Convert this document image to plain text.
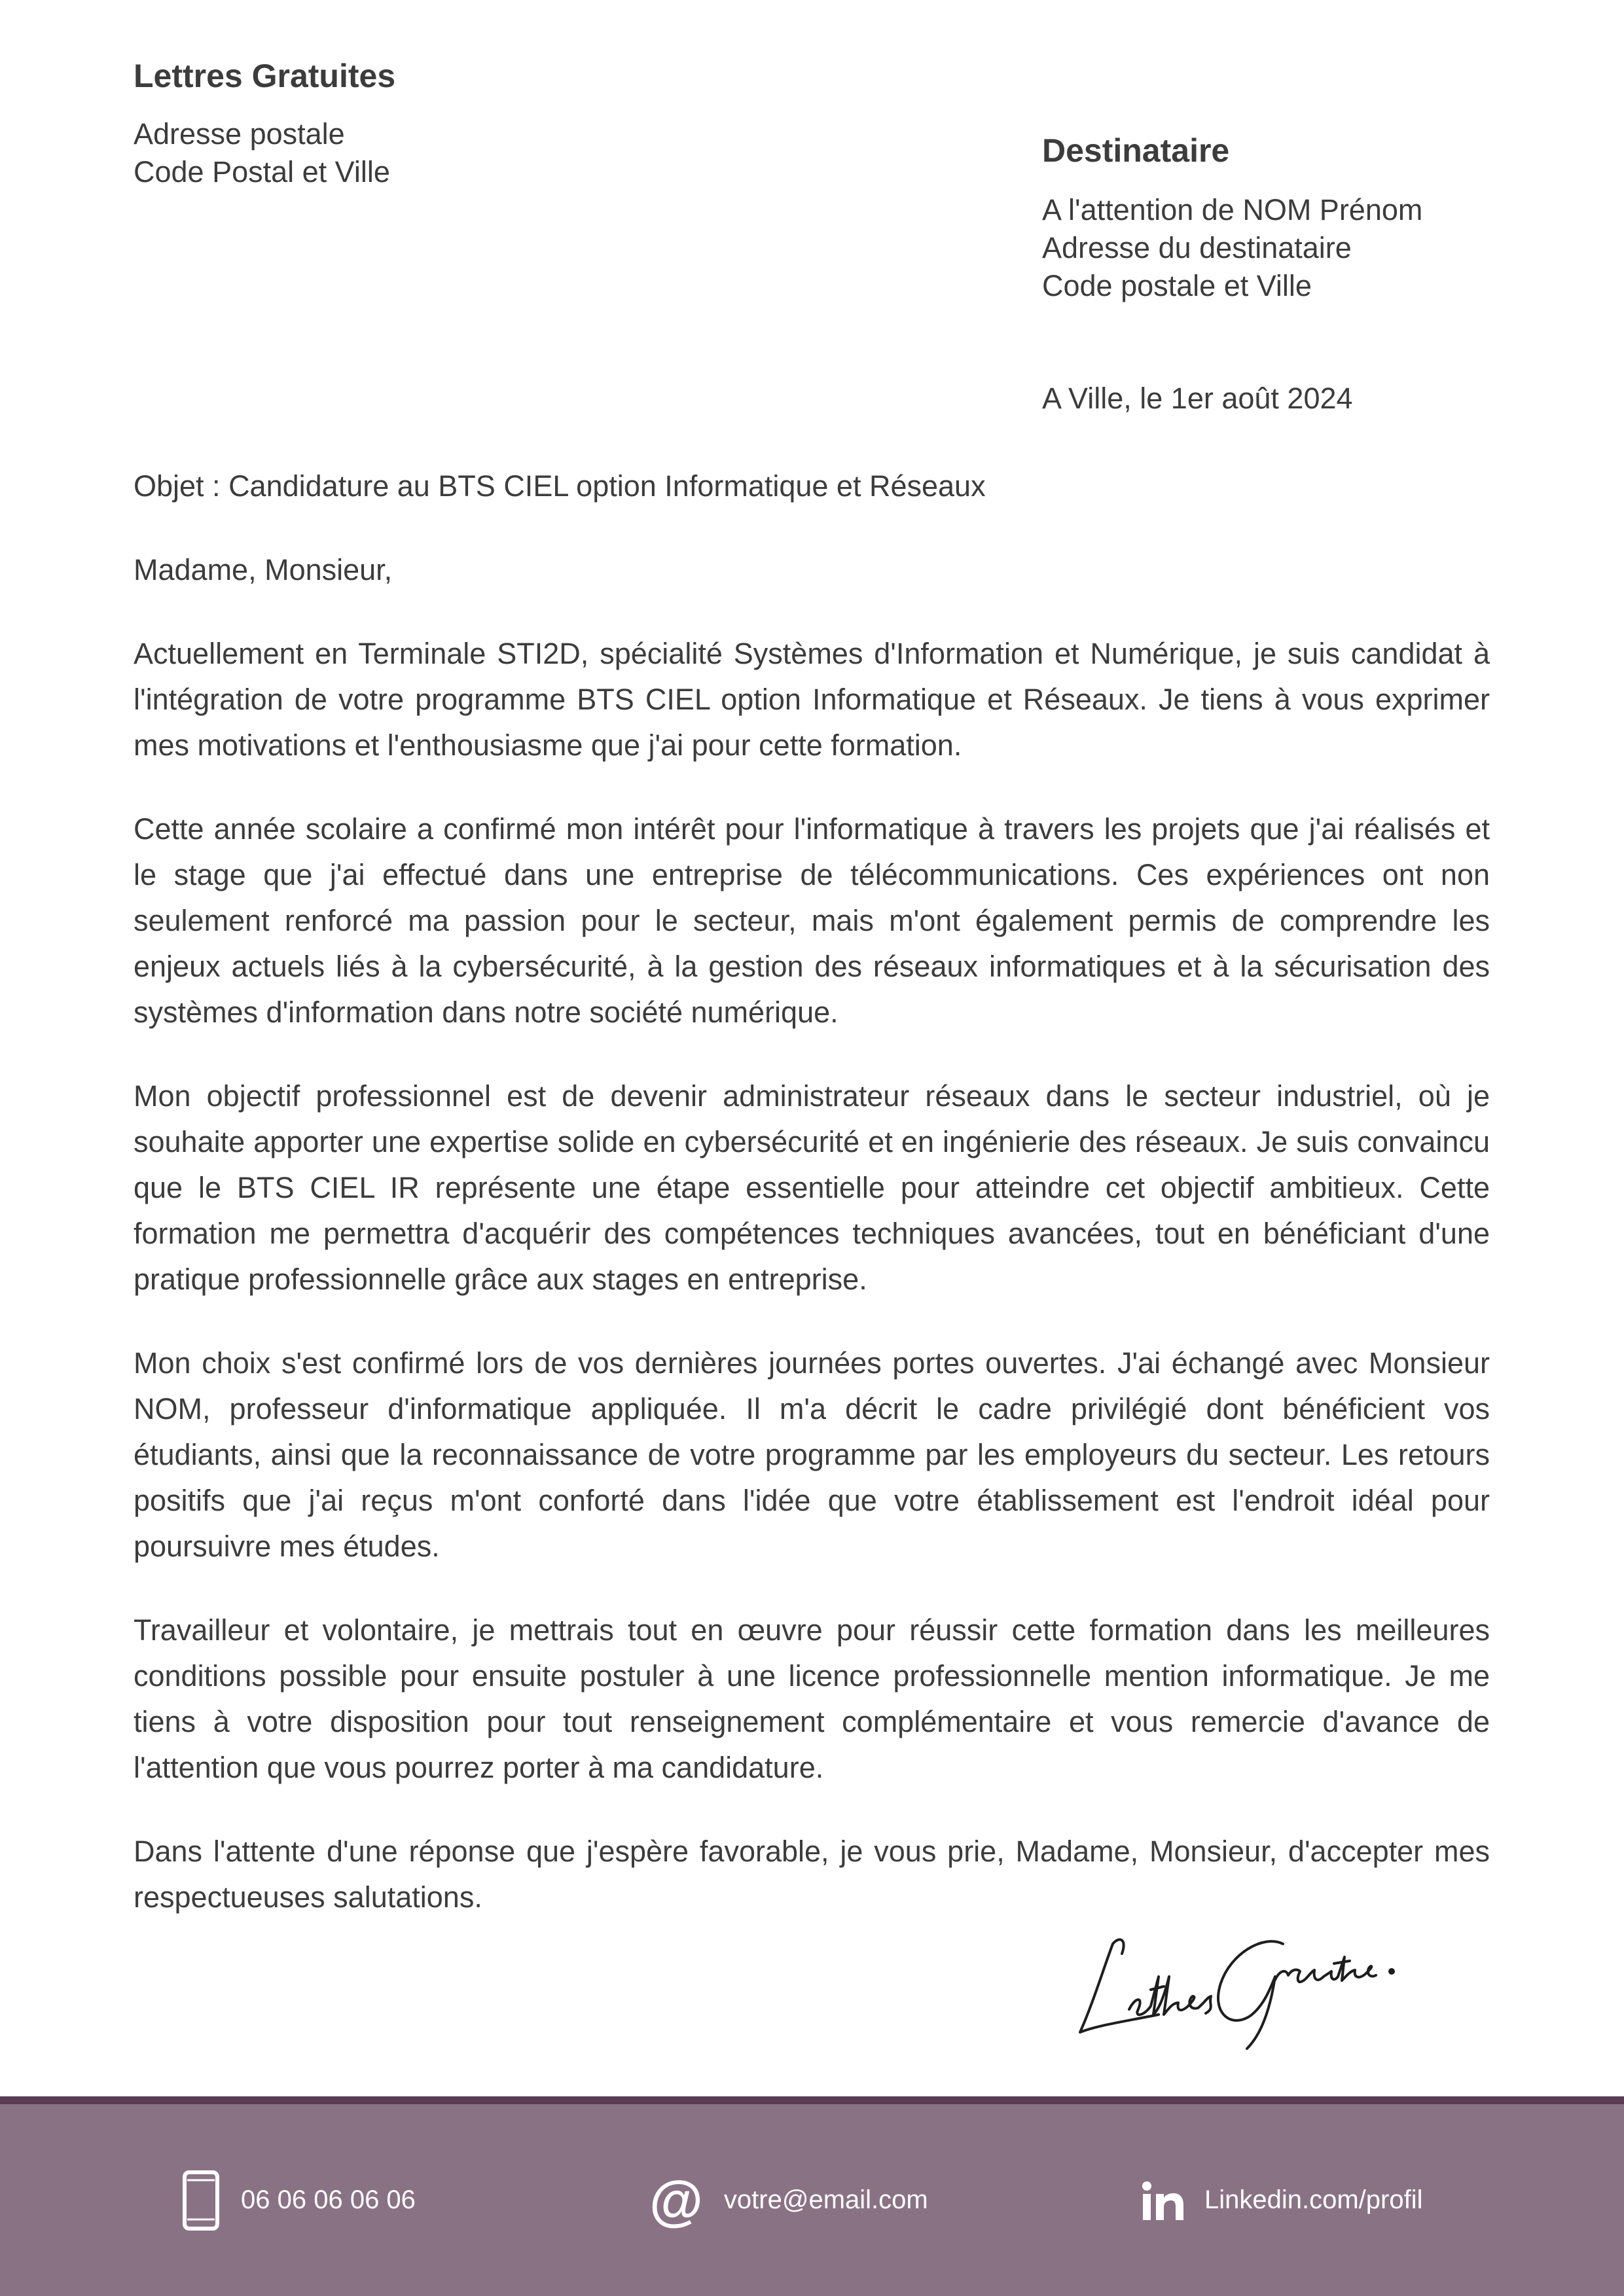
Lettres Gratuites
Adresse postale
Code Postal et Ville
Destinataire
A l'attention de NOM Prénom
Adresse du destinataire
Code postale et Ville
A Ville, le 1er août 2024

Objet : Candidature au BTS CIEL option Informatique et Réseaux

Madame, Monsieur,

Actuellement en Terminale STI2D, spécialité Systèmes d'Information et Numérique, je suis candidat à l'intégration de votre programme BTS CIEL option Informatique et Réseaux. Je tiens à vous exprimer mes motivations et l'enthousiasme que j'ai pour cette formation.

Cette année scolaire a confirmé mon intérêt pour l'informatique à travers les projets que j'ai réalisés et le stage que j'ai effectué dans une entreprise de télécommunications. Ces expériences ont non seulement renforcé ma passion pour le secteur, mais m'ont également permis de comprendre les enjeux actuels liés à la cybersécurité, à la gestion des réseaux informatiques et à la sécurisation des systèmes d'information dans notre société numérique.

Mon objectif professionnel est de devenir administrateur réseaux dans le secteur industriel, où je souhaite apporter une expertise solide en cybersécurité et en ingénierie des réseaux. Je suis convaincu que le BTS CIEL IR représente une étape essentielle pour atteindre cet objectif ambitieux. Cette formation me permettra d'acquérir des compétences techniques avancées, tout en bénéficiant d'une pratique professionnelle grâce aux stages en entreprise.

Mon choix s'est confirmé lors de vos dernières journées portes ouvertes. J'ai échangé avec Monsieur NOM, professeur d'informatique appliquée. Il m'a décrit le cadre privilégié dont bénéficient vos étudiants, ainsi que la reconnaissance de votre programme par les employeurs du secteur. Les retours positifs que j'ai reçus m'ont conforté dans l'idée que votre établissement est l'endroit idéal pour poursuivre mes études.

Travailleur et volontaire, je mettrais tout en œuvre pour réussir cette formation dans les meilleures conditions possible pour ensuite postuler à une licence professionnelle mention informatique. Je me tiens à votre disposition pour tout renseignement complémentaire et vous remercie d'avance de l'attention que vous pourrez porter à ma candidature.

Dans l'attente d'une réponse que j'espère favorable, je vous prie, Madame, Monsieur, d'accepter mes respectueuses salutations.

06 06 06 06 06	@ votre@email.com	Linkedin.com/profil
